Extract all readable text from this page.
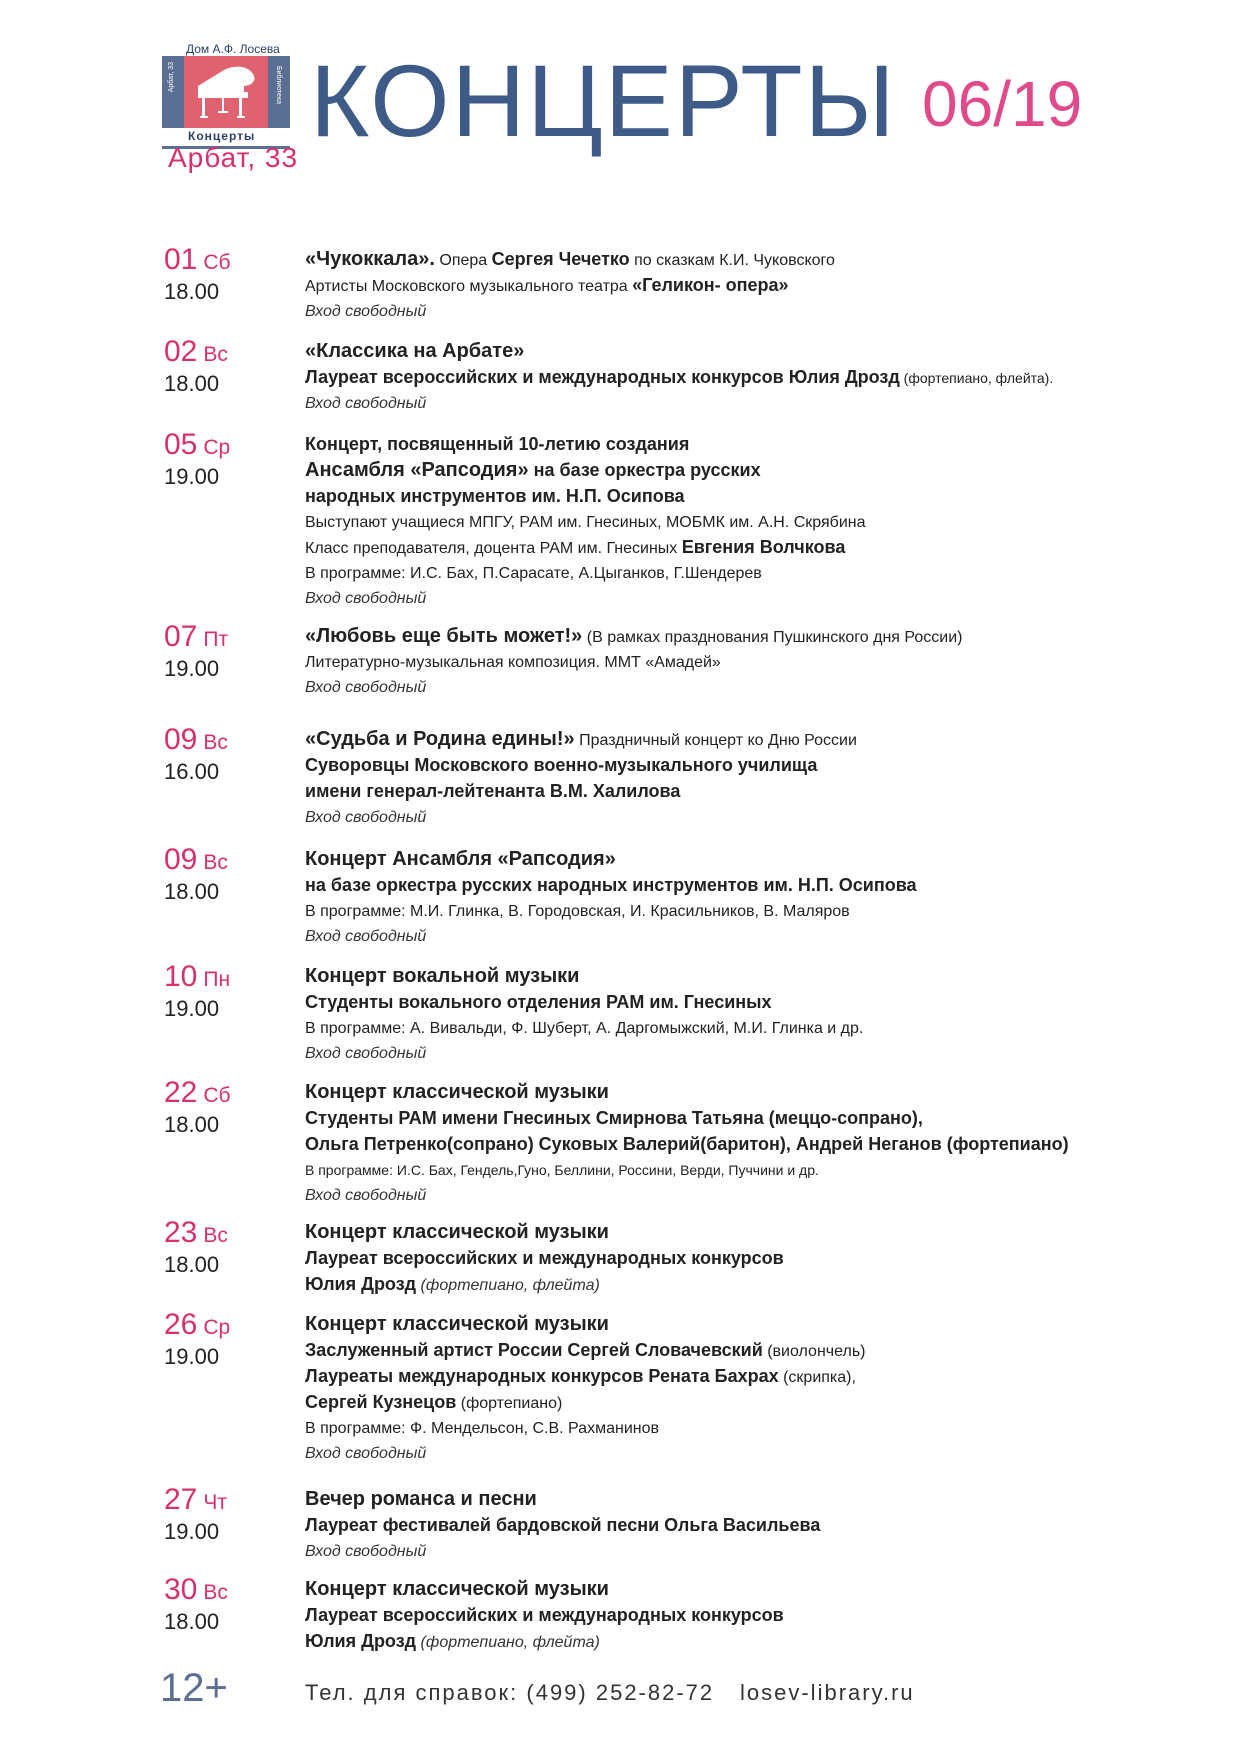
Дом А.Ф. Лосева
Арбат, 33	Библиотека
Концерты
Арбат, 33 КОНЦЕРТЫ 06/19
01 Сб
18.00
«Чукоккала». Опера Сергея Чечетко по сказкам К.И. Чуковского
Артисты Московского музыкального театра «Геликон- опера»
Вход свободный
02 Вс
18.00
«Классика на Арбате»
Лауреат всероссийских и международных конкурсов Юлия Дрозд (фортепиано, флейта).
Вход свободный
05 Ср
19.00
Концерт, посвященный 10-летию создания
Ансамбля «Рапсодия» на базе оркестра русских
народных инструментов им. Н.П. Осипова
Выступают учащиеся МПГУ, РАМ им. Гнесиных, МОБМК им. А.Н. Скрябина
Класс преподавателя, доцента РАМ им. Гнесиных Евгения Волчкова
В программе: И.С. Бах, П.Сарасате, А.Цыганков, Г.Шендерев
Вход свободный
07 Пт
19.00
«Любовь еще быть может!» (В рамках празднования Пушкинского дня России)
Литературно-музыкальная композиция. ММТ «Амадей»
Вход свободный
09 Вс
16.00
«Судьба и Родина едины!» Праздничный концерт ко Дню России
Суворовцы Московского военно-музыкального училища
имени генерал-лейтенанта В.М. Халилова
Вход свободный
09 Вс
18.00
Концерт Ансамбля «Рапсодия»
на базе оркестра русских народных инструментов им. Н.П. Осипова
В программе: М.И. Глинка, В. Городовская, И. Красильников, В. Маляров
Вход свободный
10 Пн
19.00
Концерт вокальной музыки
Студенты вокального отделения РАМ им. Гнесиных
В программе: А. Вивальди, Ф. Шуберт, А. Даргомыжский, М.И. Глинка и др.
Вход свободный
22 Сб
18.00
Концерт классической музыки
Студенты РАМ имени Гнесиных Смирнова Татьяна (меццо-сопрано),
Ольга Петренко(сопрано) Суковых Валерий(баритон), Андрей Неганов (фортепиано)
В программе: И.С. Бах, Гендель,Гуно, Беллини, Россини, Верди, Пуччини и др.
Вход свободный
23 Вс
18.00
Концерт классической музыки
Лауреат всероссийских и международных конкурсов
Юлия Дрозд (фортепиано, флейта)
26 Ср
19.00
Концерт классической музыки
Заслуженный артист России Сергей Словачевский (виолончель)
Лауреаты международных конкурсов Рената Бахрах (скрипка),
Сергей Кузнецов (фортепиано)
В программе: Ф. Мендельсон, С.В. Рахманинов
Вход свободный
27 Чт
19.00
Вечер романса и песни
Лауреат фестивалей бардовской песни Ольга Васильева
Вход свободный
30 Вс
18.00
Концерт классической музыки
Лауреат всероссийских и международных конкурсов
Юлия Дрозд (фортепиано, флейта)
12+	Тел. для справок: (499) 252-82-72 losev-library.ru
